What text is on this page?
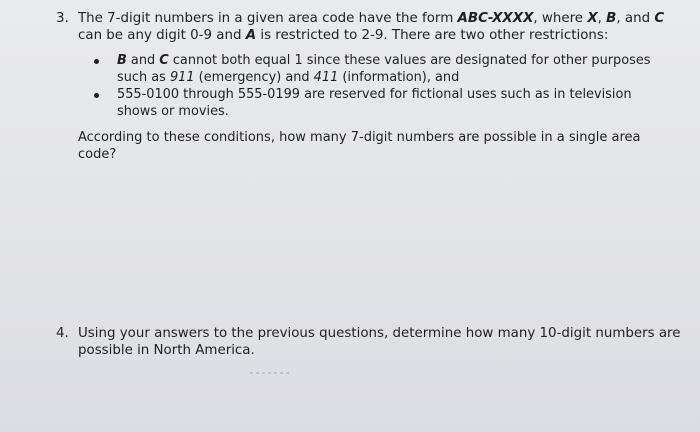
3. The 7-digit numbers in a given area code have the form ABC-XXXX, where X, B, and C
can be any digit 0-9 and A is restricted to 2-9. There are two other restrictions:
B and C cannot both equal 1 since these values are designated for other purposes
such as 911 (emergency) and 411 (information), and
555-0100 through 555-0199 are reserved for fictional uses such as in television
shows or movies.
According to these conditions, how many 7-digit numbers are possible in a single area
code?
4. Using your answers to the previous questions, determine how many 10-digit numbers are
possible in North America.
